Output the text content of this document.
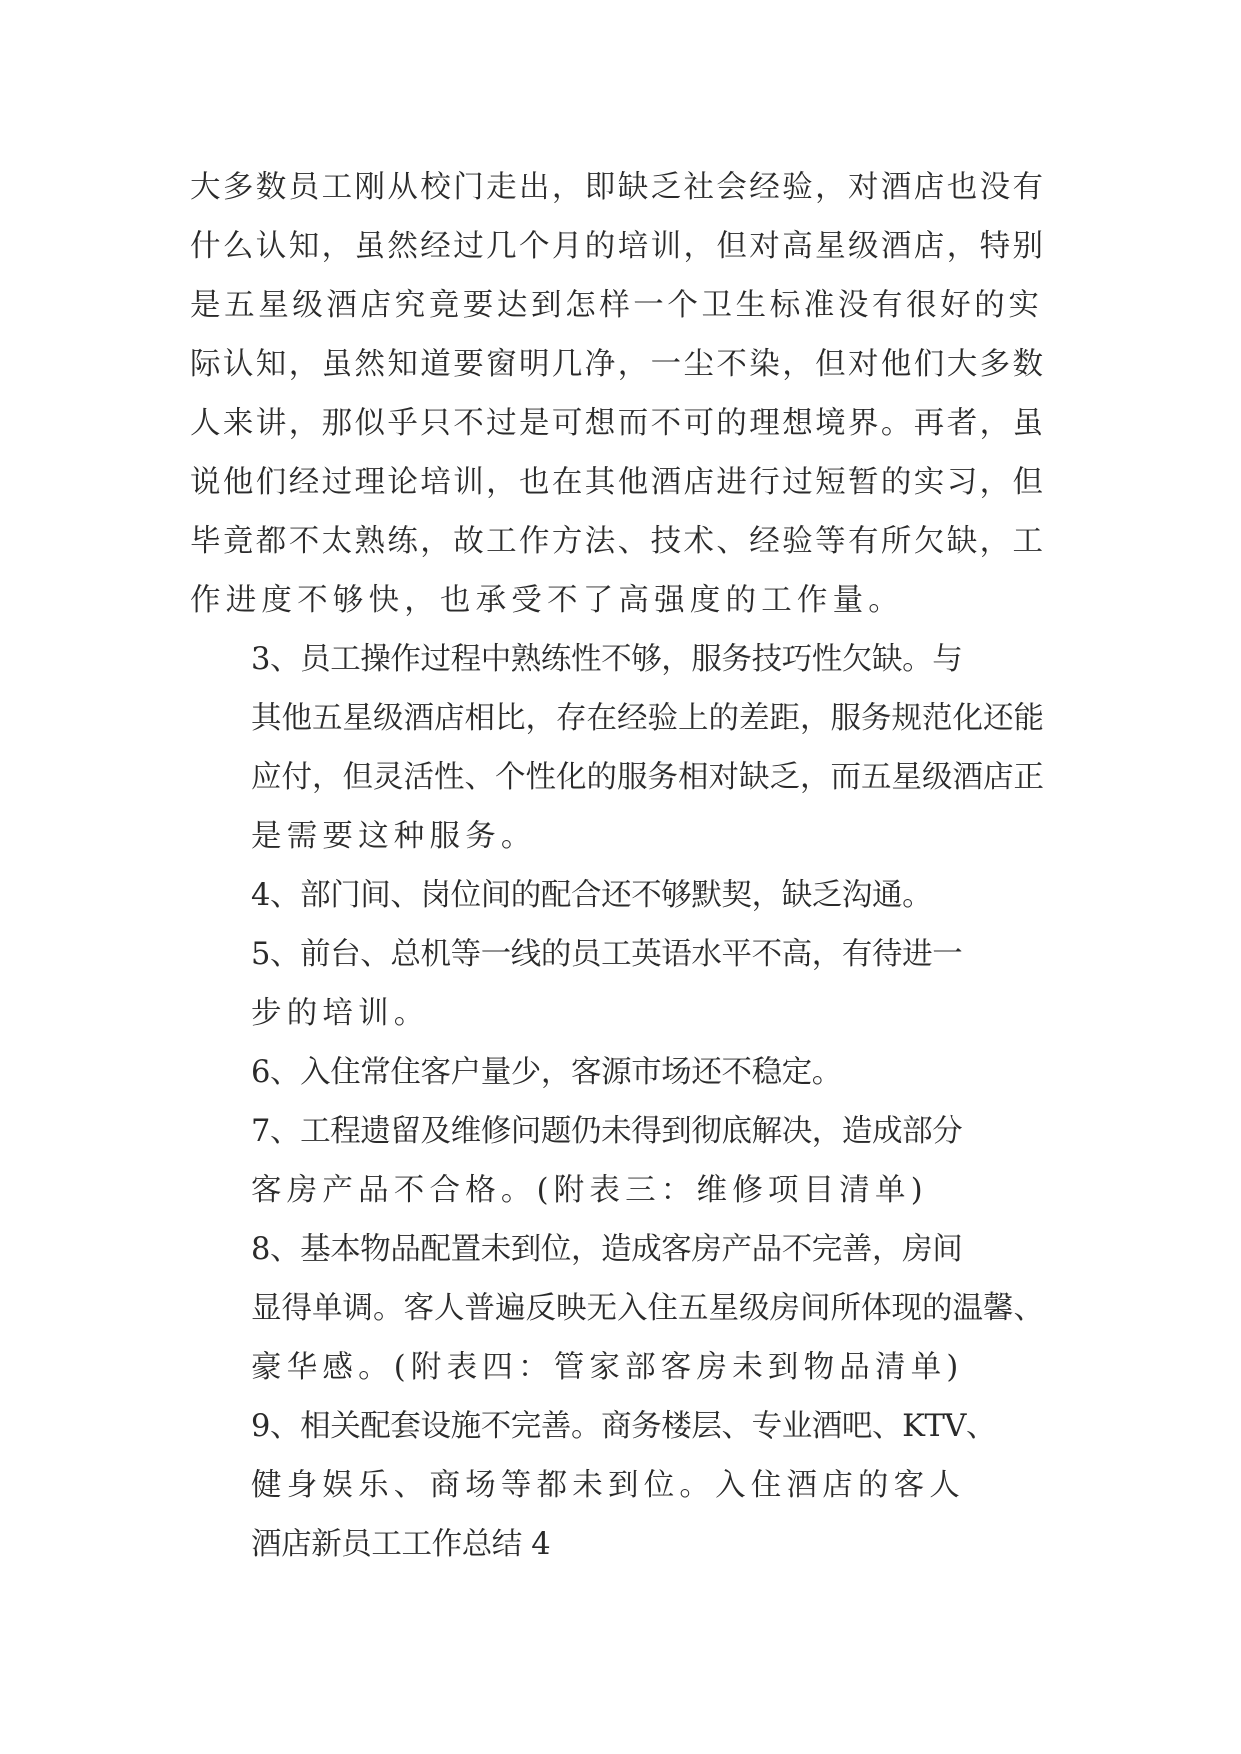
大多数员工刚从校门走出，即缺乏社会经验，对酒店也没有
什么认知，虽然经过几个月的培训，但对高星级酒店，特别
是五星级酒店究竟要达到怎样一个卫生标准没有很好的实
际认知，虽然知道要窗明几净，一尘不染，但对他们大多数
人来讲，那似乎只不过是可想而不可的理想境界。再者，虽
说他们经过理论培训，也在其他酒店进行过短暂的实习，但
毕竟都不太熟练，故工作方法、技术、经验等有所欠缺，工
作进度不够快，也承受不了高强度的工作量。

3、员工操作过程中熟练性不够，服务技巧性欠缺。与
其他五星级酒店相比，存在经验上的差距，服务规范化还能
应付，但灵活性、个性化的服务相对缺乏，而五星级酒店正
是需要这种服务。

4、部门间、岗位间的配合还不够默契，缺乏沟通。

5、前台、总机等一线的员工英语水平不高，有待进一
步的培训。

6、入住常住客户量少，客源市场还不稳定。

7、工程遗留及维修问题仍未得到彻底解决，造成部分
客房产品不合格。(附表三：维修项目清单)

8、基本物品配置未到位，造成客房产品不完善，房间
显得单调。客人普遍反映无入住五星级房间所体现的温馨、
豪华感。(附表四：管家部客房未到物品清单)

9、相关配套设施不完善。商务楼层、专业酒吧、KTV、
健身娱乐、商场等都未到位。入住酒店的客人

酒店新员工工作总结 4
